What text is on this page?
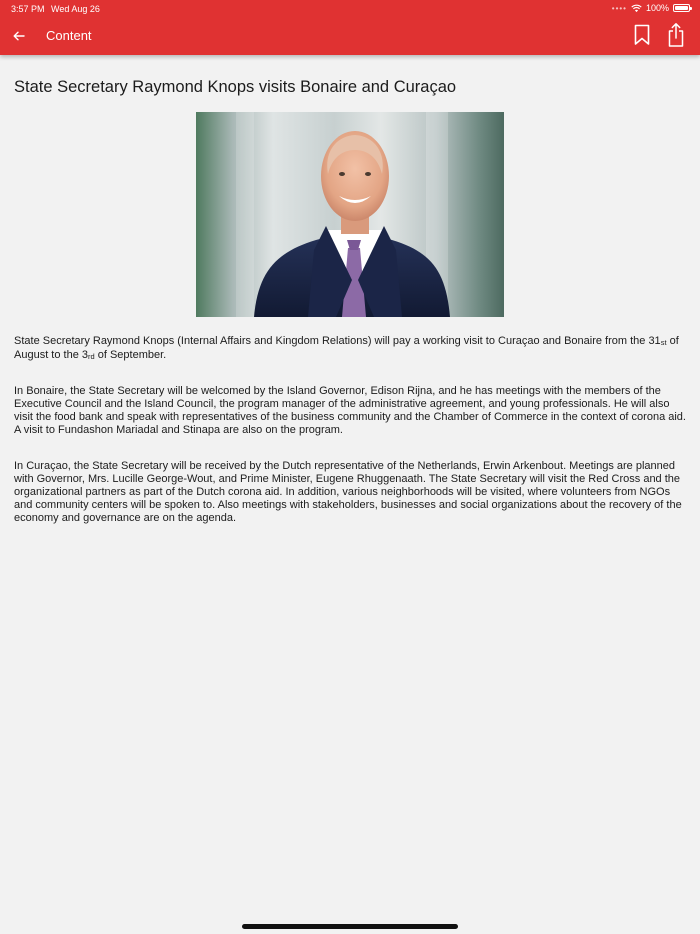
3:57 PM Wed Aug 26	•••• 100%
Content
State Secretary Raymond Knops visits Bonaire and Curaçao

State Secretary Raymond Knops (Internal Affairs and Kingdom Relations) will pay a working visit to Curaçao and Bonaire from the $31_{st}$ of August to the $3_{rd}$ of September.

In Bonaire, the State Secretary will be welcomed by the Island Governor, Edison Rijna, and he has meetings with the members of the Executive Council and the Island Council, the program manager of the administrative agreement, and young professionals. He will also visit the food bank and speak with representatives of the business community and the Chamber of Commerce in the context of corona aid. A visit to Fundashon Mariadal and Stinapa are also on the program.

In Curaçao, the State Secretary will be received by the Dutch representative of the Netherlands, Erwin Arkenbout. Meetings are planned with Governor, Mrs. Lucille George-Wout, and Prime Minister, Eugene Rhuggenaath. The State Secretary will visit the Red Cross and the organizational partners as part of the Dutch corona aid. In addition, various neighborhoods will be visited, where volunteers from NGOs and community centers will be spoken to. Also meetings with stakeholders, businesses and social organizations about the recovery of the economy and governance are on the agenda.
